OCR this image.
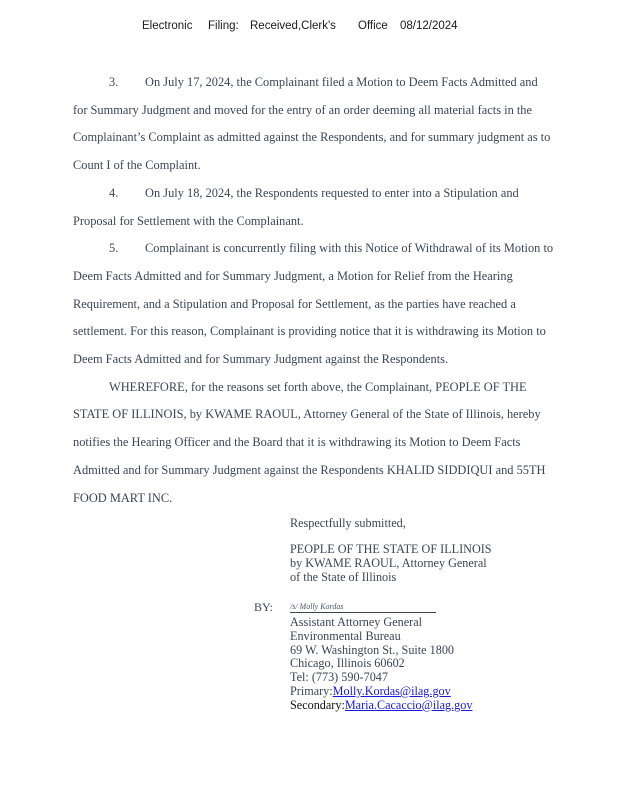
Electronic Filing: Received,Clerk's Office 08/12/2024
3. On July 17, 2024, the Complainant filed a Motion to Deem Facts Admitted and
for Summary Judgment and moved for the entry of an order deeming all material facts in the
Complainant’s Complaint as admitted against the Respondents, and for summary judgment as to
Count I of the Complaint.
4. On July 18, 2024, the Respondents requested to enter into a Stipulation and
Proposal for Settlement with the Complainant.
5. Complainant is concurrently filing with this Notice of Withdrawal of its Motion to
Deem Facts Admitted and for Summary Judgment, a Motion for Relief from the Hearing
Requirement, and a Stipulation and Proposal for Settlement, as the parties have reached a
settlement. For this reason, Complainant is providing notice that it is withdrawing its Motion to
Deem Facts Admitted and for Summary Judgment against the Respondents.
WHEREFORE, for the reasons set forth above, the Complainant, PEOPLE OF THE
STATE OF ILLINOIS, by KWAME RAOUL, Attorney General of the State of Illinois, hereby
notifies the Hearing Officer and the Board that it is withdrawing its Motion to Deem Facts
Admitted and for Summary Judgment against the Respondents KHALID SIDDIQUI and 55TH
FOOD MART INC.
Respectfully submitted,
PEOPLE OF THE STATE OF ILLINOIS
by KWAME RAOUL, Attorney General
of the State of Illinois
BY: /s/ Molly Kordas
Assistant Attorney General
Environmental Bureau
69 W. Washington St., Suite 1800
Chicago, Illinois 60602
Tel: (773) 590-7047
Primary:Molly.Kordas@ilag.gov
Secondary:Maria.Cacaccio@ilag.gov
